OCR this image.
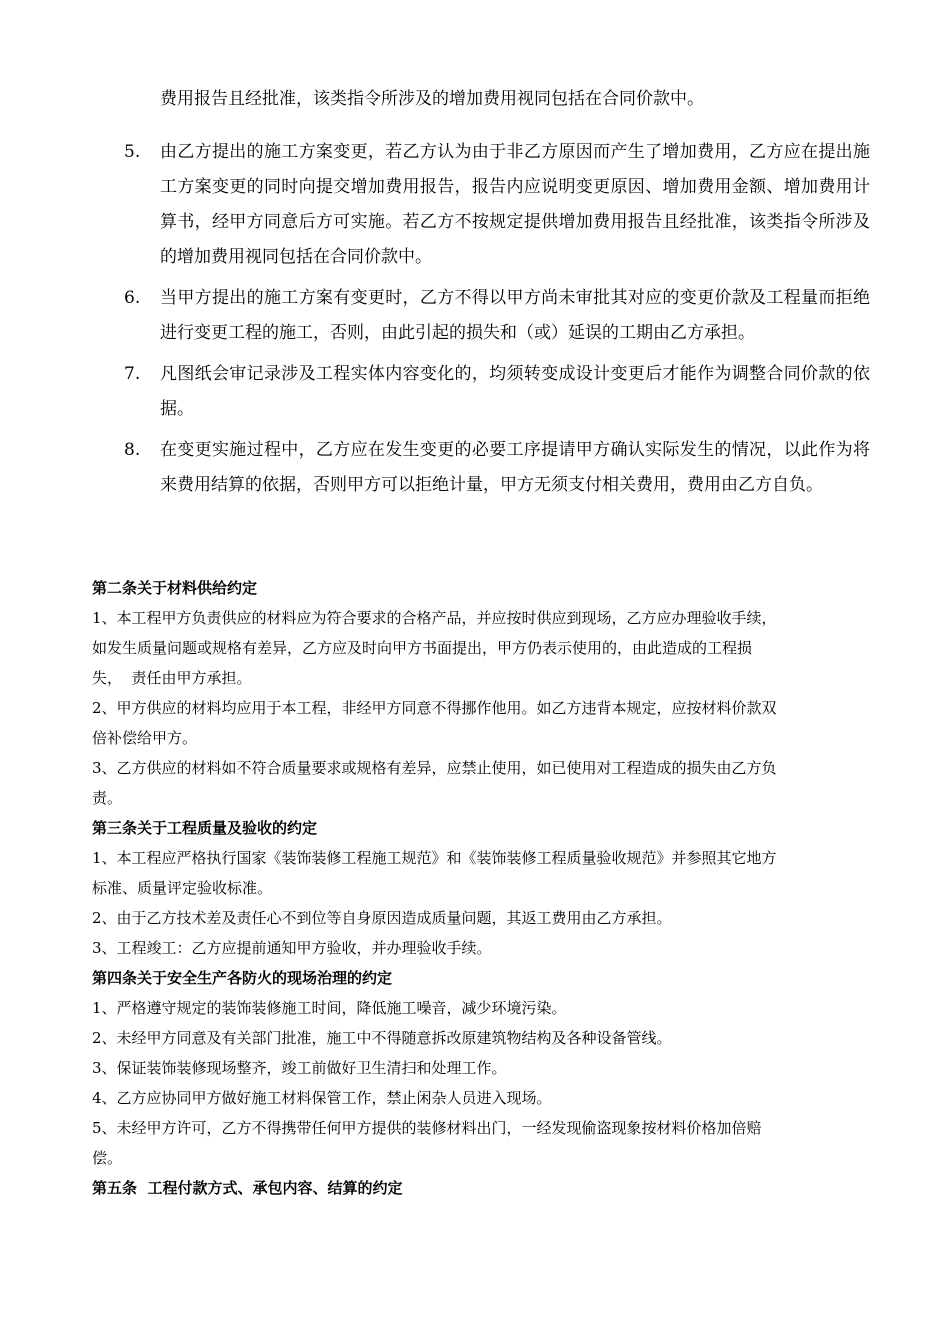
费用报告且经批准，该类指令所涉及的增加费用视同包括在合同价款中。
5. 由乙方提出的施工方案变更，若乙方认为由于非乙方原因而产生了增加费用，乙方应在提出施工方案变更的同时向提交增加费用报告，报告内应说明变更原因、增加费用金额、增加费用计算书，经甲方同意后方可实施。若乙方不按规定提供增加费用报告且经批准，该类指令所涉及的增加费用视同包括在合同价款中。
6. 当甲方提出的施工方案有变更时，乙方不得以甲方尚未审批其对应的变更价款及工程量而拒绝进行变更工程的施工，否则，由此引起的损失和（或）延误的工期由乙方承担。
7. 凡图纸会审记录涉及工程实体内容变化的，均须转变成设计变更后才能作为调整合同价款的依据。
8. 在变更实施过程中，乙方应在发生变更的必要工序提请甲方确认实际发生的情况，以此作为将来费用结算的依据，否则甲方可以拒绝计量，甲方无须支付相关费用，费用由乙方自负。
第二条关于材料供给约定
1、本工程甲方负责供应的材料应为符合要求的合格产品，并应按时供应到现场，乙方应办理验收手续，
如发生质量问题或规格有差异，乙方应及时向甲方书面提出，甲方仍表示使用的，由此造成的工程损
失，  责任由甲方承担。
2、甲方供应的材料均应用于本工程，非经甲方同意不得挪作他用。如乙方违背本规定，应按材料价款双
倍补偿给甲方。
3、乙方供应的材料如不符合质量要求或规格有差异，应禁止使用，如已使用对工程造成的损失由乙方负
责。
第三条关于工程质量及验收的约定
1、本工程应严格执行国家《装饰装修工程施工规范》和《装饰装修工程质量验收规范》并参照其它地方
标准、质量评定验收标准。
2、由于乙方技术差及责任心不到位等自身原因造成质量问题，其返工费用由乙方承担。
3、工程竣工：乙方应提前通知甲方验收，并办理验收手续。
第四条关于安全生产各防火的现场治理的约定
1、严格遵守规定的装饰装修施工时间，降低施工噪音，减少环境污染。
2、未经甲方同意及有关部门批准，施工中不得随意拆改原建筑物结构及各种设备管线。
3、保证装饰装修现场整齐，竣工前做好卫生清扫和处理工作。
4、乙方应协同甲方做好施工材料保管工作，禁止闲杂人员进入现场。
5、未经甲方许可，乙方不得携带任何甲方提供的装修材料出门，一经发现偷盗现象按材料价格加倍赔
偿。
第五条  工程付款方式、承包内容、结算的约定
